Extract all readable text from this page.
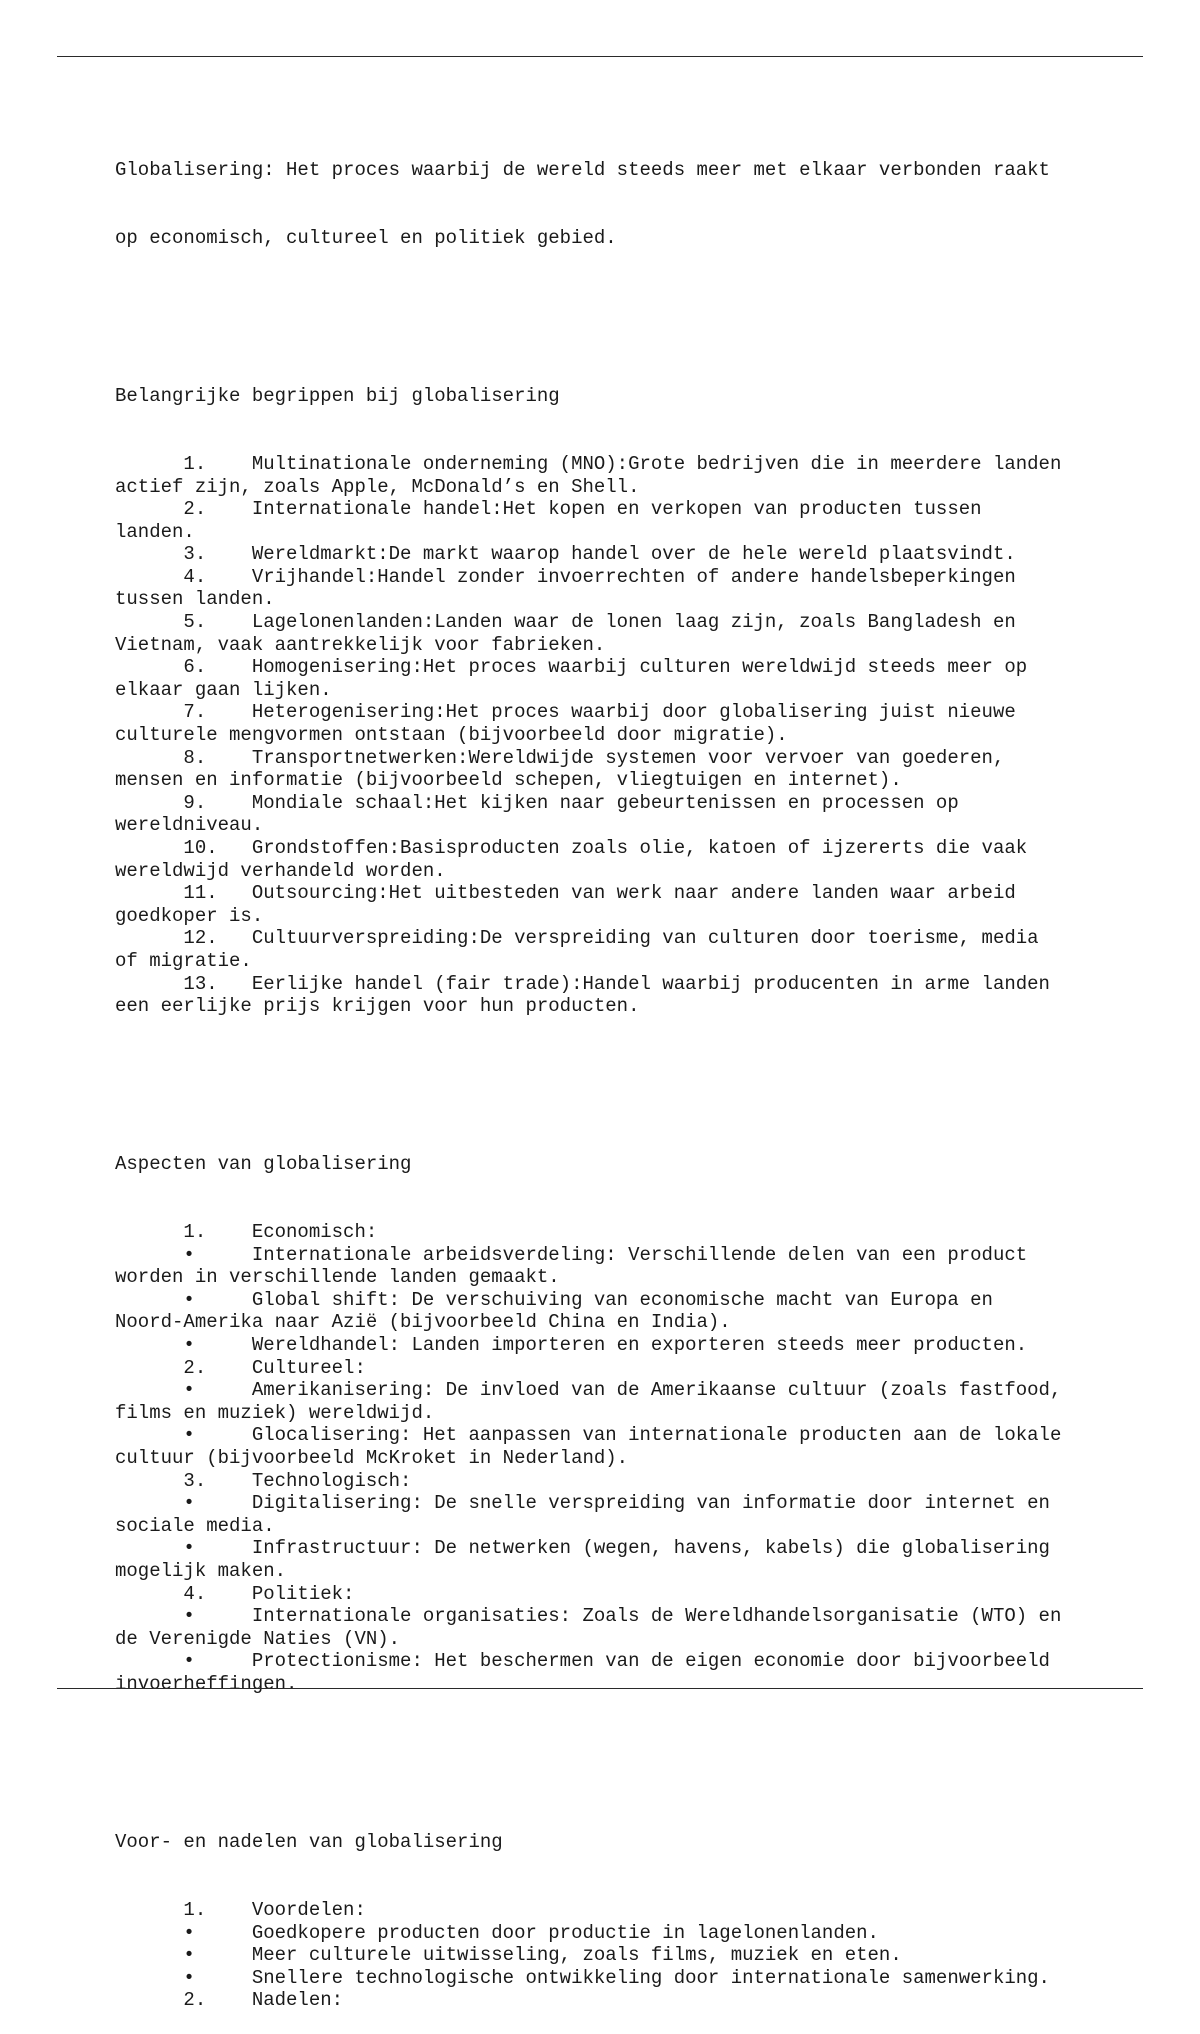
Globalisering: Het proces waarbij de wereld steeds meer met elkaar verbonden raakt

op economisch, cultureel en politiek gebied.

Belangrijke begrippen bij globalisering

1.    Multinationale onderneming (MNO):Grote bedrijven die in meerdere landen
actief zijn, zoals Apple, McDonald’s en Shell.
2.    Internationale handel:Het kopen en verkopen van producten tussen
landen.
3.    Wereldmarkt:De markt waarop handel over de hele wereld plaatsvindt.
4.    Vrijhandel:Handel zonder invoerrechten of andere handelsbeperkingen
tussen landen.
5.    Lagelonenlanden:Landen waar de lonen laag zijn, zoals Bangladesh en
Vietnam, vaak aantrekkelijk voor fabrieken.
6.    Homogenisering:Het proces waarbij culturen wereldwijd steeds meer op
elkaar gaan lijken.
7.    Heterogenisering:Het proces waarbij door globalisering juist nieuwe
culturele mengvormen ontstaan (bijvoorbeeld door migratie).
8.    Transportnetwerken:Wereldwijde systemen voor vervoer van goederen,
mensen en informatie (bijvoorbeeld schepen, vliegtuigen en internet).
9.    Mondiale schaal:Het kijken naar gebeurtenissen en processen op
wereldniveau.
10.   Grondstoffen:Basisproducten zoals olie, katoen of ijzererts die vaak
wereldwijd verhandeld worden.
11.   Outsourcing:Het uitbesteden van werk naar andere landen waar arbeid
goedkoper is.
12.   Cultuurverspreiding:De verspreiding van culturen door toerisme, media
of migratie.
13.   Eerlijke handel (fair trade):Handel waarbij producenten in arme landen
een eerlijke prijs krijgen voor hun producten.

Aspecten van globalisering

1.    Economisch:
•     Internationale arbeidsverdeling: Verschillende delen van een product
worden in verschillende landen gemaakt.
•     Global shift: De verschuiving van economische macht van Europa en
Noord-Amerika naar Azië (bijvoorbeeld China en India).
•     Wereldhandel: Landen importeren en exporteren steeds meer producten.
2.    Cultureel:
•     Amerikanisering: De invloed van de Amerikaanse cultuur (zoals fastfood,
films en muziek) wereldwijd.
•     Glocalisering: Het aanpassen van internationale producten aan de lokale
cultuur (bijvoorbeeld McKroket in Nederland).
3.    Technologisch:
•     Digitalisering: De snelle verspreiding van informatie door internet en
sociale media.
•     Infrastructuur: De netwerken (wegen, havens, kabels) die globalisering
mogelijk maken.
4.    Politiek:
•     Internationale organisaties: Zoals de Wereldhandelsorganisatie (WTO) en
de Verenigde Naties (VN).
•     Protectionisme: Het beschermen van de eigen economie door bijvoorbeeld
invoerheffingen.

Voor- en nadelen van globalisering

1.    Voordelen:
•     Goedkopere producten door productie in lagelonenlanden.
•     Meer culturele uitwisseling, zoals films, muziek en eten.
•     Snellere technologische ontwikkeling door internationale samenwerking.
2.    Nadelen:
